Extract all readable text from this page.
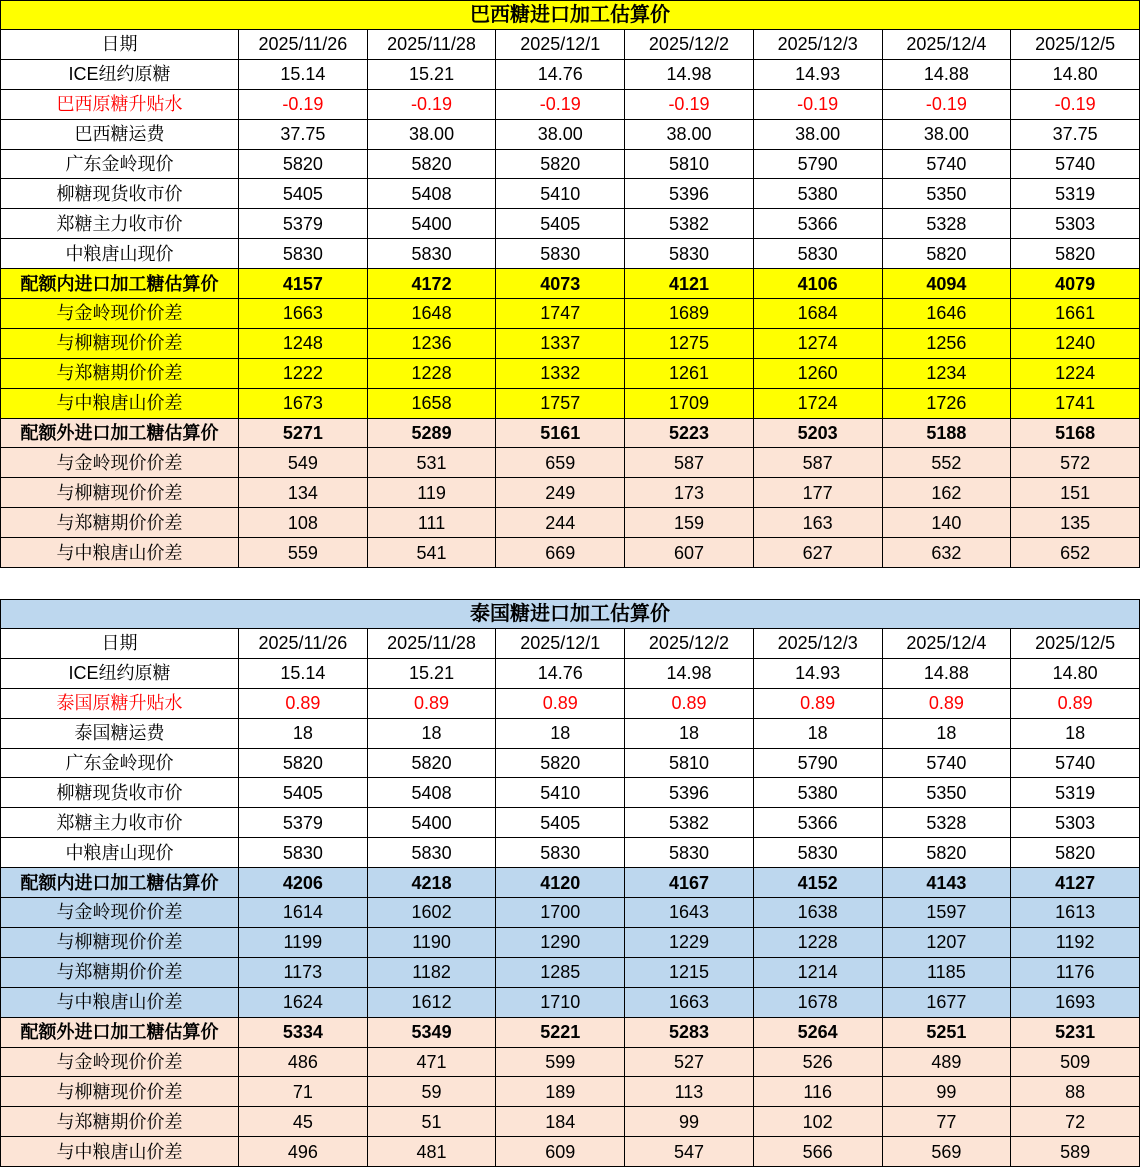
巴西糖进口加工估算价							
日期	2025/11/26	2025/11/28	2025/12/1	2025/12/2	2025/12/3	2025/12/4	2025/12/5
ICE纽约原糖	15.14	15.21	14.76	14.98	14.93	14.88	14.80
巴西原糖升贴水	-0.19	-0.19	-0.19	-0.19	-0.19	-0.19	-0.19
巴西糖运费	37.75	38.00	38.00	38.00	38.00	38.00	37.75
广东金岭现价	5820	5820	5820	5810	5790	5740	5740
柳糖现货收市价	5405	5408	5410	5396	5380	5350	5319
郑糖主力收市价	5379	5400	5405	5382	5366	5328	5303
中粮唐山现价	5830	5830	5830	5830	5830	5820	5820
配额内进口加工糖估算价	4157	4172	4073	4121	4106	4094	4079
与金岭现价价差	1663	1648	1747	1689	1684	1646	1661
与柳糖现价价差	1248	1236	1337	1275	1274	1256	1240
与郑糖期价价差	1222	1228	1332	1261	1260	1234	1224
与中粮唐山价差	1673	1658	1757	1709	1724	1726	1741
配额外进口加工糖估算价	5271	5289	5161	5223	5203	5188	5168
与金岭现价价差	549	531	659	587	587	552	572
与柳糖现价价差	134	119	249	173	177	162	151
与郑糖期价价差	108	111	244	159	163	140	135
与中粮唐山价差	559	541	669	607	627	632	652
泰国糖进口加工估算价							
日期	2025/11/26	2025/11/28	2025/12/1	2025/12/2	2025/12/3	2025/12/4	2025/12/5
ICE纽约原糖	15.14	15.21	14.76	14.98	14.93	14.88	14.80
泰国原糖升贴水	0.89	0.89	0.89	0.89	0.89	0.89	0.89
泰国糖运费	18	18	18	18	18	18	18
广东金岭现价	5820	5820	5820	5810	5790	5740	5740
柳糖现货收市价	5405	5408	5410	5396	5380	5350	5319
郑糖主力收市价	5379	5400	5405	5382	5366	5328	5303
中粮唐山现价	5830	5830	5830	5830	5830	5820	5820
配额内进口加工糖估算价	4206	4218	4120	4167	4152	4143	4127
与金岭现价价差	1614	1602	1700	1643	1638	1597	1613
与柳糖现价价差	1199	1190	1290	1229	1228	1207	1192
与郑糖期价价差	1173	1182	1285	1215	1214	1185	1176
与中粮唐山价差	1624	1612	1710	1663	1678	1677	1693
配额外进口加工糖估算价	5334	5349	5221	5283	5264	5251	5231
与金岭现价价差	486	471	599	527	526	489	509
与柳糖现价价差	71	59	189	113	116	99	88
与郑糖期价价差	45	51	184	99	102	77	72
与中粮唐山价差	496	481	609	547	566	569	589
